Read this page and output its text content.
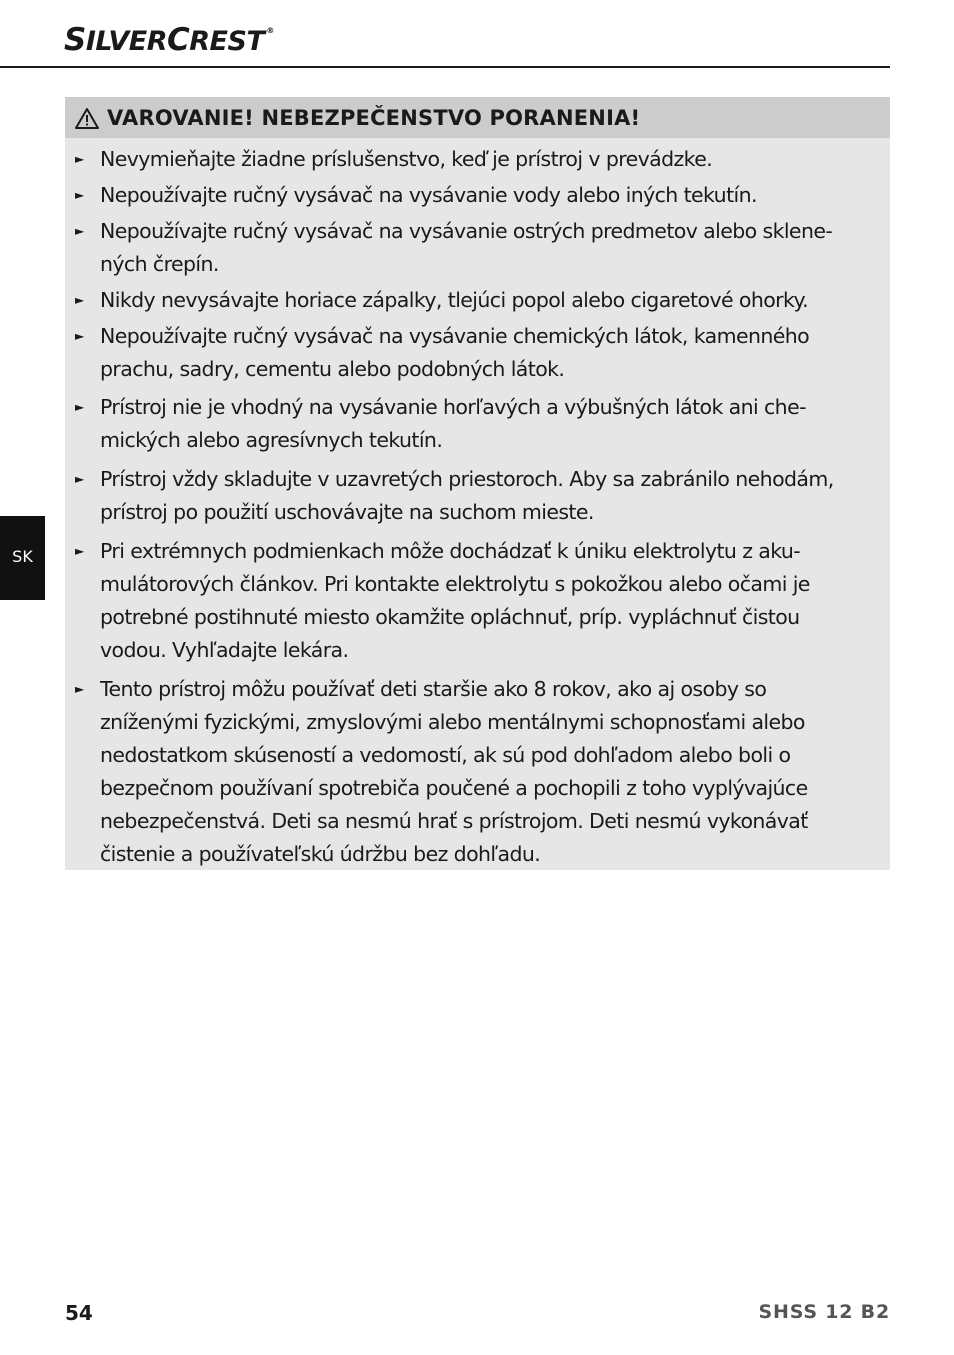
SILVERCREST ®
VAROVANIE! NEBEZPEČENSTVO PORANENIA!
► Nevymieňajte žiadne príslušenstvo, keď je prístroj v prevádzke.
► Nepoužívajte ručný vysávač na vysávanie vody alebo iných tekutín.
► Nepoužívajte ručný vysávač na vysávanie ostrých predmetov alebo sklene-
ných črepín.
► Nikdy nevysávajte horiace zápalky, tlejúci popol alebo cigaretové ohorky.
► Nepoužívajte ručný vysávač na vysávanie chemických látok, kamenného
prachu, sadry, cementu alebo podobných látok.
► Prístroj nie je vhodný na vysávanie horľavých a výbušných látok ani che-
mických alebo agresívnych tekutín.
► Prístroj vždy skladujte v uzavretých priestoroch. Aby sa zabránilo nehodám,
prístroj po použití uschovávajte na suchom mieste.
► Pri extrémnych podmienkach môže dochádzať k úniku elektrolytu z aku-
mulátorových článkov. Pri kontakte elektrolytu s pokožkou alebo očami je
potrebné postihnuté miesto okamžite opláchnuť, príp. vypláchnuť čistou
vodou. Vyhľadajte lekára.
► Tento prístroj môžu používať deti staršie ako 8 rokov, ako aj osoby so
zníženými fyzickými, zmyslovými alebo mentálnymi schopnosťami alebo
nedostatkom skúseností a vedomostí, ak sú pod dohľadom alebo boli o
bezpečnom používaní spotrebiča poučené a pochopili z toho vyplývajúce
nebezpečenstvá. Deti sa nesmú hrať s prístrojom. Deti nesmú vykonávať
čistenie a používateľskú údržbu bez dohľadu.
SK
54	SHSS 12 B2
